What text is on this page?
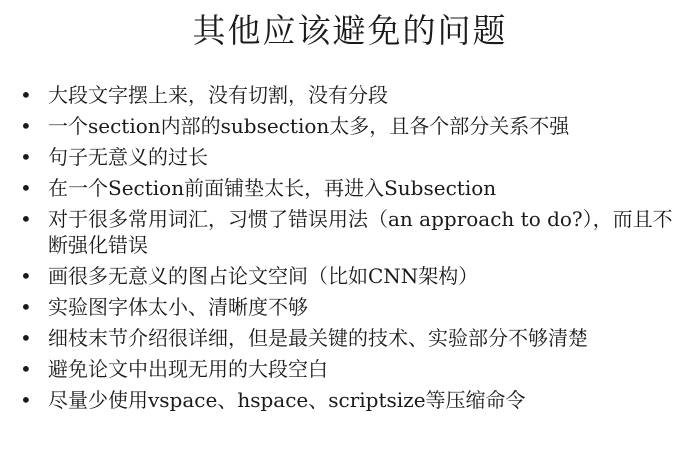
其他应该避免的问题
• 大段文字摆上来，没有切割，没有分段
• 一个section内部的subsection太多，且各个部分关系不强
• 句子无意义的过长
• 在一个Section前面铺垫太长，再进入Subsection
• 对于很多常用词汇，习惯了错误用法（an approach to do?），而且不断强化错误
• 画很多无意义的图占论文空间（比如CNN架构）
• 实验图字体太小、清晰度不够
• 细枝末节介绍很详细，但是最关键的技术、实验部分不够清楚
• 避免论文中出现无用的大段空白
• 尽量少使用vspace、hspace、scriptsize等压缩命令
